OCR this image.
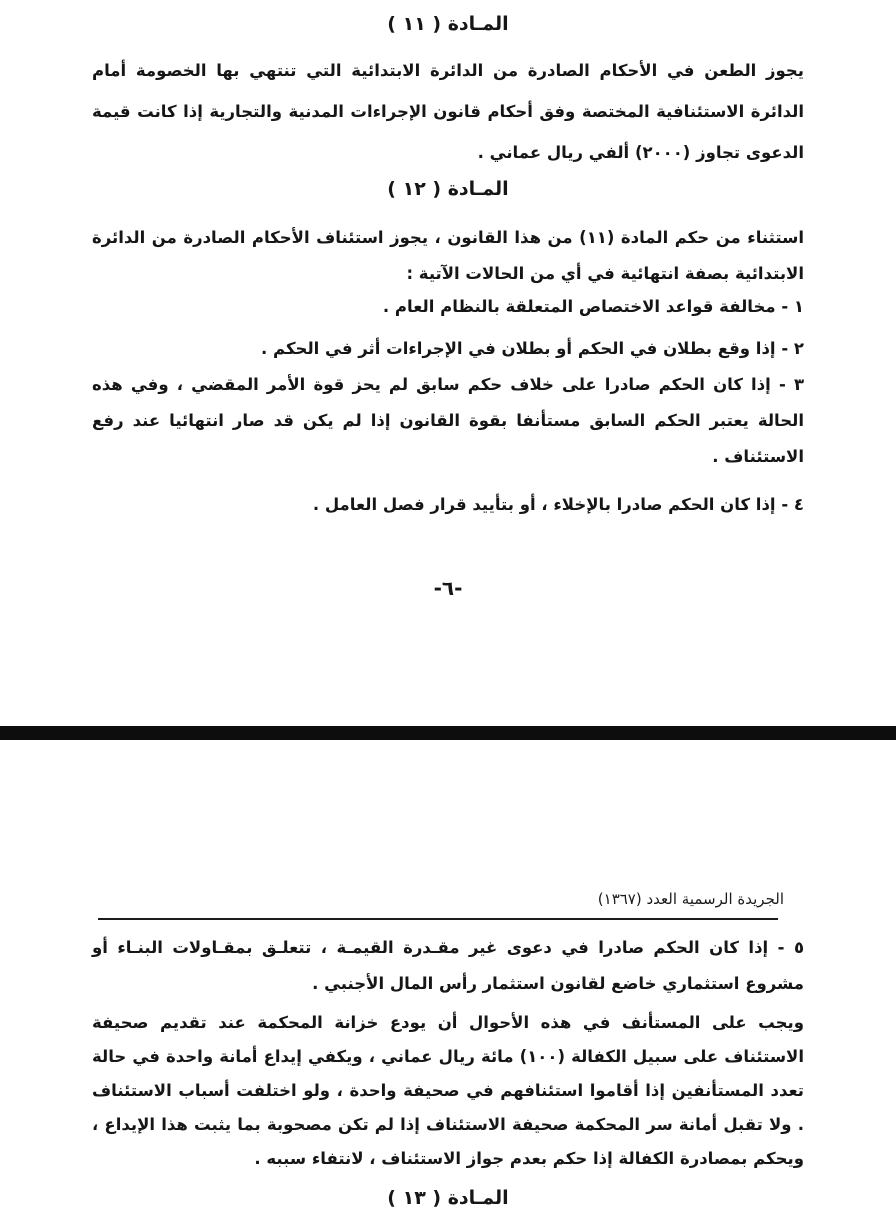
المـادة ( ١١ )

يجوز الطعن في الأحكام الصادرة من الدائرة الابتدائية التي تنتهي بها الخصومة أمام الدائرة الاستئنافية المختصة وفق أحكام قانون الإجراءات المدنية والتجارية إذا كانت قيمة الدعوى تجاوز (٢٠٠٠) ألفي ريال عماني .

المـادة ( ١٢ )

استثناء من حكم المادة (١١) من هذا القانون ، يجوز استئناف الأحكام الصادرة من الدائرة الابتدائية بصفة انتهائية في أي من الحالات الآتية :

١ - مخالفة قواعد الاختصاص المتعلقة بالنظام العام .

٢ - إذا وقع بطلان في الحكم أو بطلان في الإجراءات أثر في الحكم .

٣ - إذا كان الحكم صادرا على خلاف حكم سابق لم يحز قوة الأمر المقضي ، وفي هذه الحالة يعتبر الحكم السابق مستأنفا بقوة القانون إذا لم يكن قد صار انتهائيا عند رفع الاستئناف .

٤ - إذا كان الحكم صادرا بالإخلاء ، أو بتأييد قرار فصل العامل .

-٦-
الجريدة الرسمية العدد (١٣٦٧)

٥ - إذا كان الحكم صادرا في دعوى غير مقـدرة القيمـة ، تتعلـق بمقـاولات البنـاء أو مشروع استثماري خاضع لقانون استثمار رأس المال الأجنبي .

ويجب على المستأنف في هذه الأحوال أن يودع خزانة المحكمة عند تقديم صحيفة الاستئناف على سبيل الكفالة (١٠٠) مائة ريال عماني ، ويكفي إيداع أمانة واحدة في حالة تعدد المستأنفين إذا أقاموا استئنافهم في صحيفة واحدة ، ولو اختلفت أسباب الاستئناف . ولا تقبل أمانة سر المحكمة صحيفة الاستئناف إذا لم تكن مصحوبة بما يثبت هذا الإيداع ، ويحكم بمصادرة الكفالة إذا حكم بعدم جواز الاستئناف ، لانتفاء سببه .

المـادة ( ١٣ )
